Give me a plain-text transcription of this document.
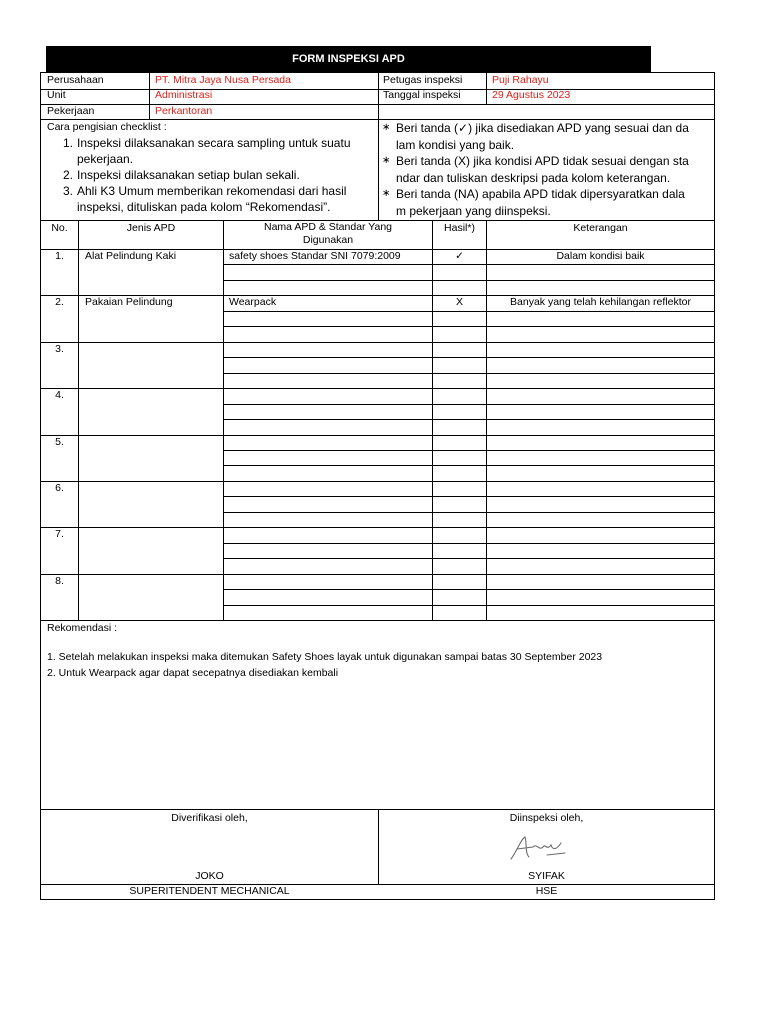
FORM INSPEKSI APD
Perusahaan	PT. Mitra Jaya Nusa Persada	Petugas inspeksi	Puji Rahayu
Unit	Administrasi	Tanggal inspeksi	29 Agustus 2023
Pekerjaan	Perkantoran
Cara pengisian checklist :
1. Inspeksi dilaksanakan secara sampling untuk suatu
pekerjaan.
2. Inspeksi dilaksanakan setiap bulan sekali.
3. Ahli K3 Umum memberikan rekomendasi dari hasil
inspeksi, dituliskan pada kolom “Rekomendasi”.
∗ Beri tanda (✓) jika disediakan APD yang sesuai dan da
lam kondisi yang baik.
∗ Beri tanda (X) jika kondisi APD tidak sesuai dengan sta
ndar dan tuliskan deskripsi pada kolom keterangan.
∗ Beri tanda (NA) apabila APD tidak dipersyaratkan dala
m pekerjaan yang diinspeksi.
No.	Jenis APD	Nama APD & Standar Yang
Digunakan
Hasil*)	Keterangan
1.	Alat Pelindung Kaki	safety shoes Standar SNI 7079:2009	✓	Dalam kondisi baik
2.	Pakaian Pelindung	Wearpack	X	Banyak yang telah kehilangan reflektor
3.
4.
5.
6.
7.
8.
Rekomendasi :
1. Setelah melakukan inspeksi maka ditemukan Safety Shoes layak untuk digunakan sampai batas 30 September 2023
2. Untuk Wearpack agar dapat secepatnya disediakan kembali
Diverifikasi oleh,	Diinspeksi oleh,
JOKO	SYIFAK
SUPERITENDENT MECHANICAL	HSE
